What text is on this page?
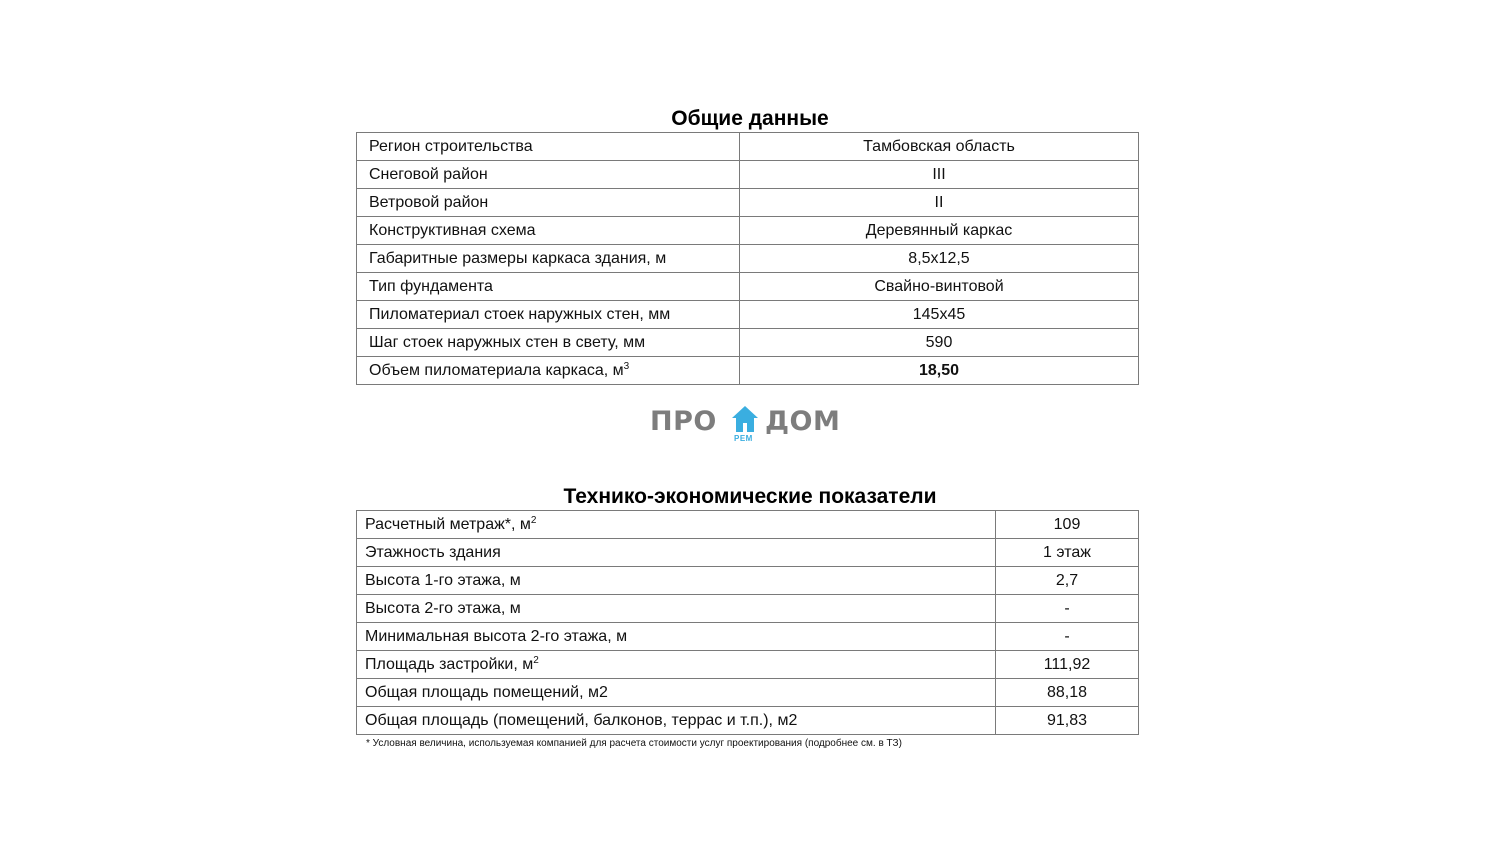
Общие данные
Регион строительства	Тамбовская область
Снеговой район	III
Ветровой район	II
Конструктивная схема	Деревянный каркас
Габаритные размеры каркаса здания, м	8,5x12,5
Тип фундамента	Свайно-винтовой
Пиломатериал стоек наружных стен, мм	145x45
Шаг стоек наружных стен в свету, мм	590
Объем пиломатериала каркаса, $м^3$	18,50
ПРО
РЕМ
ДОМ
Технико-экономические показатели
Расчетный метраж*, $м^2$	109
Этажность здания	1 этаж
Высота 1-го этажа, м	2,7
Высота 2-го этажа, м	-
Минимальная высота 2-го этажа, м	-
Площадь застройки, $м^2$	111,92
Общая площадь помещений, м2	88,18
Общая площадь (помещений, балконов, террас и т.п.), м2	91,83
* Условная величина, используемая компанией для расчета стоимости услуг проектирования (подробнее см. в ТЗ)
